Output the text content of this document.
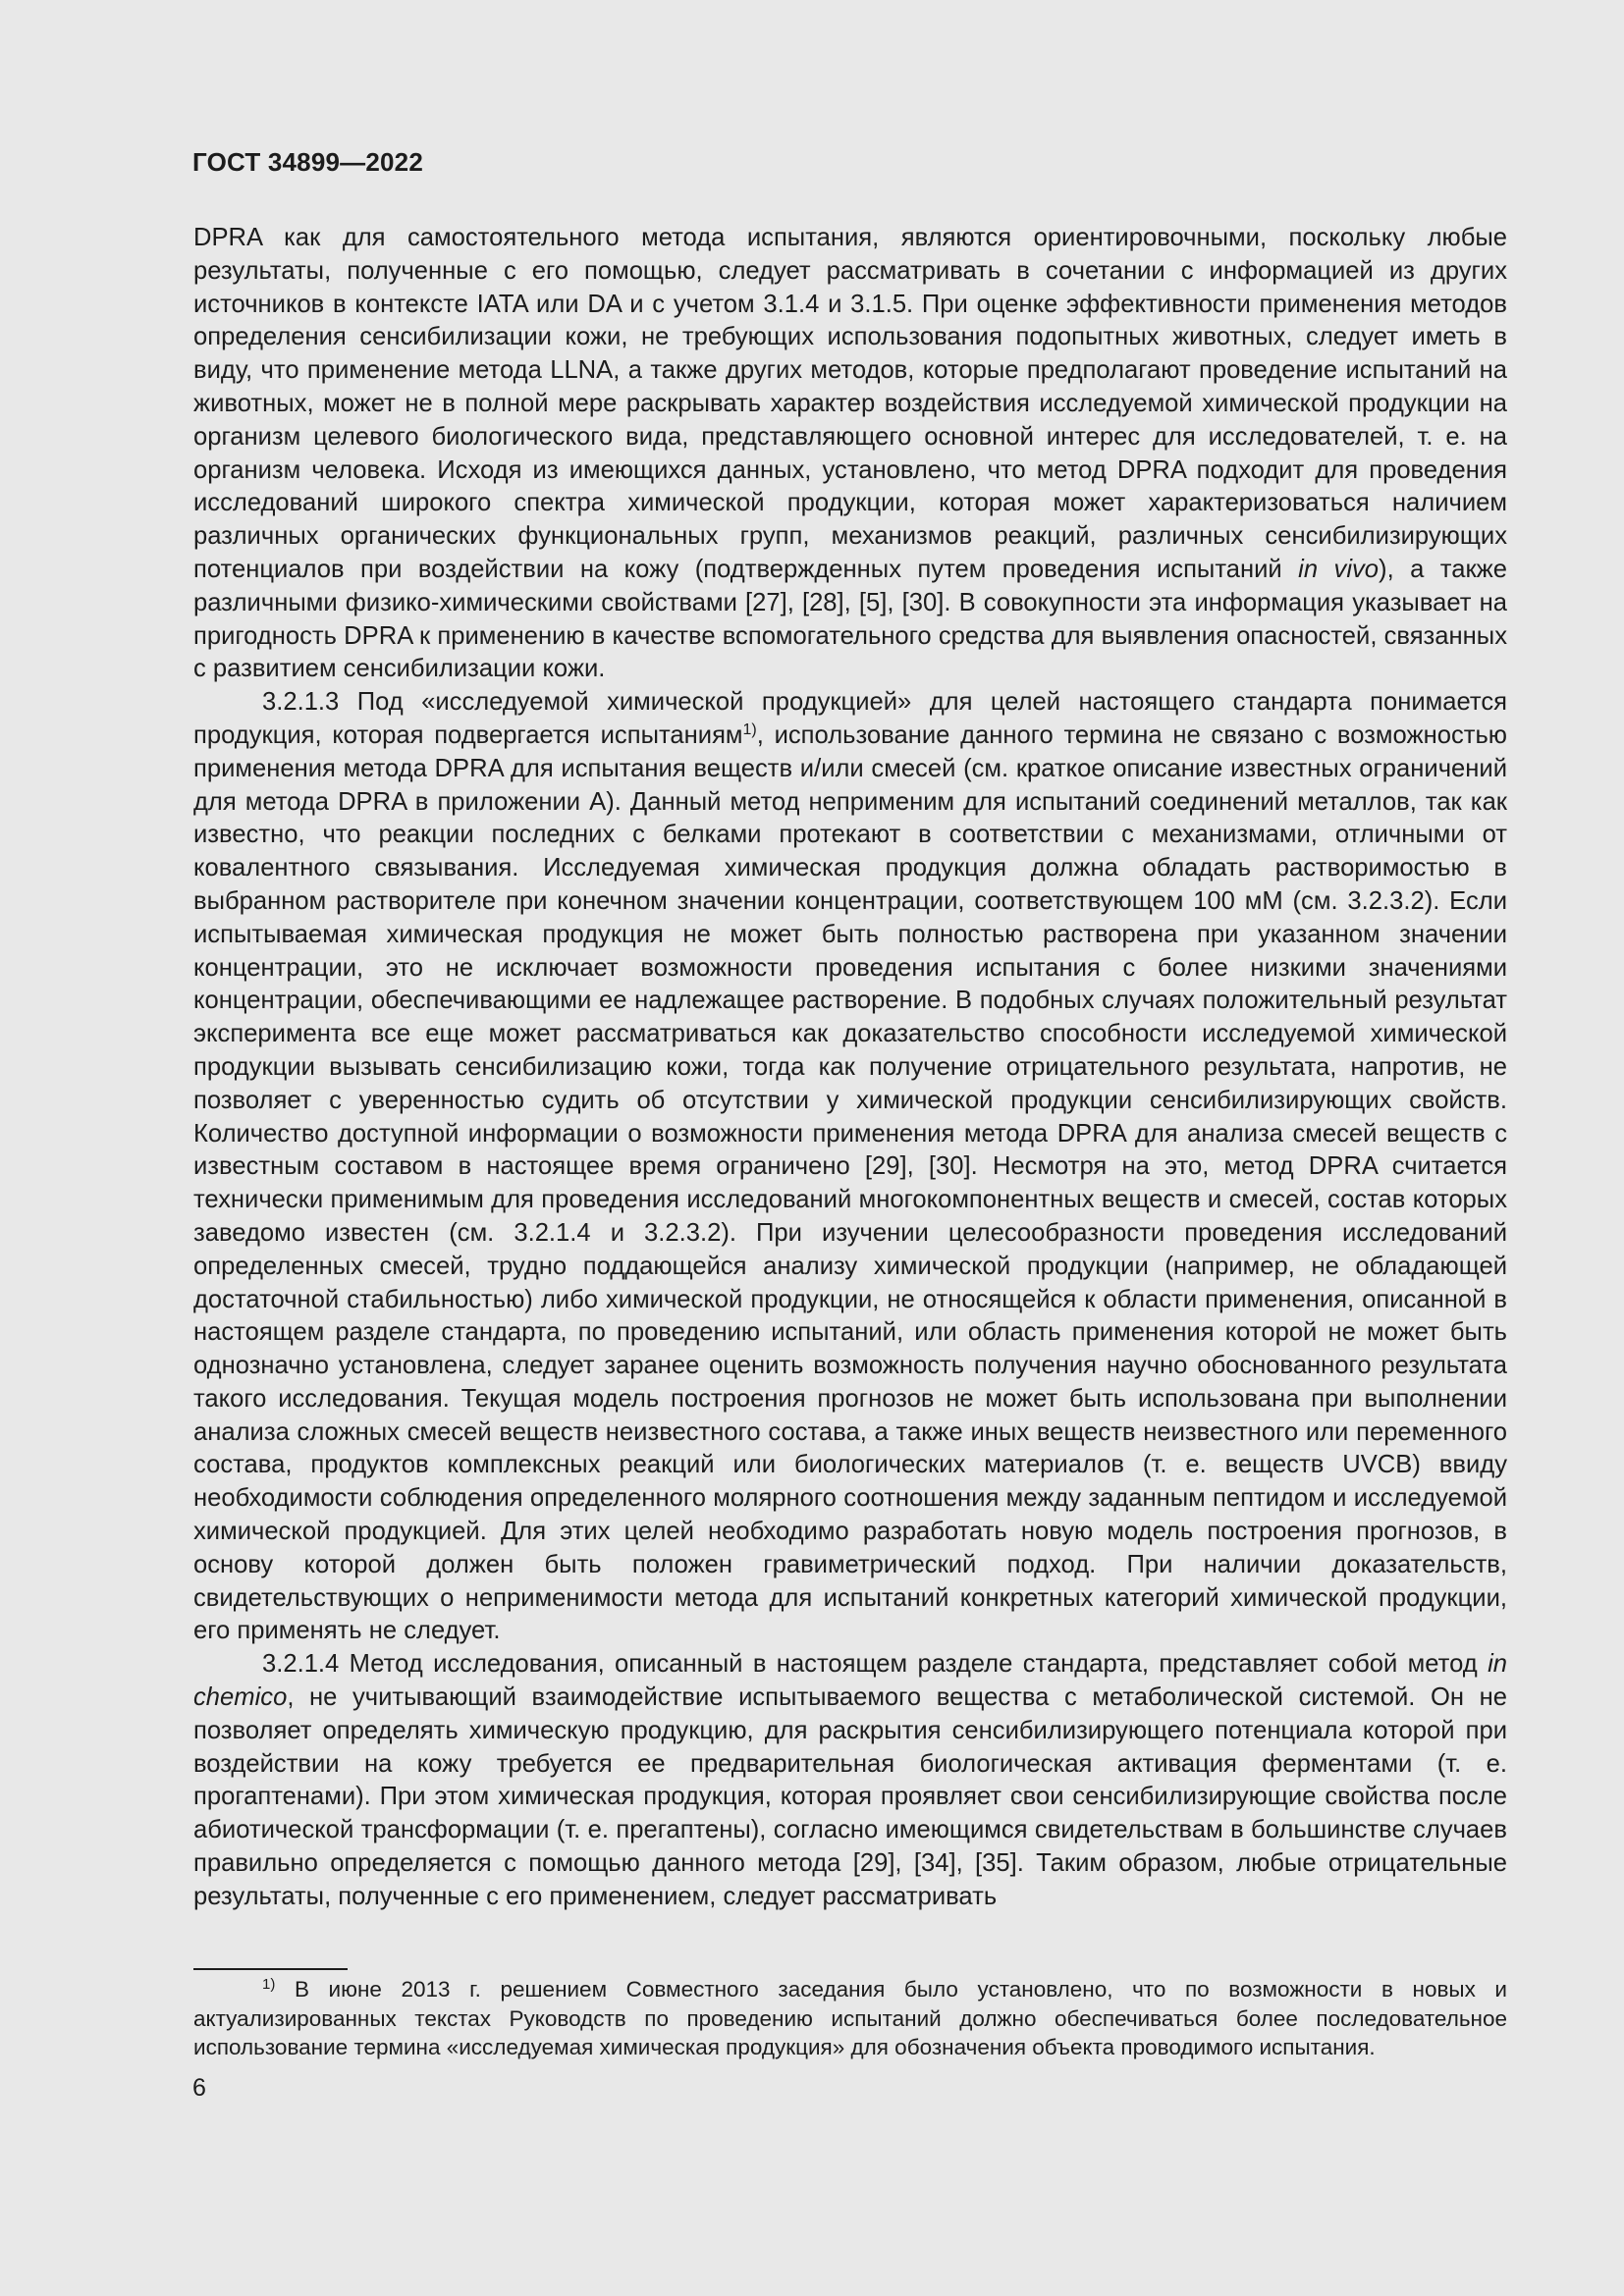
ГОСТ 34899—2022

DPRA как для самостоятельного метода испытания, являются ориентировочными, поскольку любые результаты, полученные с его помощью, следует рассматривать в сочетании с информацией из других источников в контексте IATA или DA и с учетом 3.1.4 и 3.1.5. При оценке эффективности применения методов определения сенсибилизации кожи, не требующих использования подопытных животных, следует иметь в виду, что применение метода LLNA, а также других методов, которые предполагают проведение испытаний на животных, может не в полной мере раскрывать характер воздействия исследуемой химической продукции на организм целевого биологического вида, представляющего основной интерес для исследователей, т. е. на организм человека. Исходя из имеющихся данных, установлено, что метод DPRA подходит для проведения исследований широкого спектра химической продукции, которая может характеризоваться наличием различных органических функциональных групп, механизмов реакций, различных сенсибилизирующих потенциалов при воздействии на кожу (подтвержденных путем проведения испытаний in vivo), а также различными физико-химическими свойствами [27], [28], [5], [30]. В совокупности эта информация указывает на пригодность DPRA к применению в качестве вспомогательного средства для выявления опасностей, связанных с развитием сенсибилизации кожи.

3.2.1.3 Под «исследуемой химической продукцией» для целей настоящего стандарта понимается продукция, которая подвергается испытаниям$^{1)}$, использование данного термина не связано с возможностью применения метода DPRA для испытания веществ и/или смесей (см. краткое описание известных ограничений для метода DPRA в приложении А). Данный метод неприменим для испытаний соединений металлов, так как известно, что реакции последних с белками протекают в соответствии с механизмами, отличными от ковалентного связывания. Исследуемая химическая продукция должна обладать растворимостью в выбранном растворителе при конечном значении концентрации, соответствующем 100 мМ (см. 3.2.3.2). Если испытываемая химическая продукция не может быть полностью растворена при указанном значении концентрации, это не исключает возможности проведения испытания с более низкими значениями концентрации, обеспечивающими ее надлежащее растворение. В подобных случаях положительный результат эксперимента все еще может рассматриваться как доказательство способности исследуемой химической продукции вызывать сенсибилизацию кожи, тогда как получение отрицательного результата, напротив, не позволяет с уверенностью судить об отсутствии у химической продукции сенсибилизирующих свойств. Количество доступной информации о возможности применения метода DPRA для анализа смесей веществ с известным составом в настоящее время ограничено [29], [30]. Несмотря на это, метод DPRA считается технически применимым для проведения исследований многокомпонентных веществ и смесей, состав которых заведомо известен (см. 3.2.1.4 и 3.2.3.2). При изучении целесообразности проведения исследований определенных смесей, трудно поддающейся анализу химической продукции (например, не обладающей достаточной стабильностью) либо химической продукции, не относящейся к области применения, описанной в настоящем разделе стандарта, по проведению испытаний, или область применения которой не может быть однозначно установлена, следует заранее оценить возможность получения научно обоснованного результата такого исследования. Текущая модель построения прогнозов не может быть использована при выполнении анализа сложных смесей веществ неизвестного состава, а также иных веществ неизвестного или переменного состава, продуктов комплексных реакций или биологических материалов (т. е. веществ UVCB) ввиду необходимости соблюдения определенного молярного соотношения между заданным пептидом и исследуемой химической продукцией. Для этих целей необходимо разработать новую модель построения прогнозов, в основу которой должен быть положен гравиметрический подход. При наличии доказательств, свидетельствующих о неприменимости метода для испытаний конкретных категорий химической продукции, его применять не следует.

3.2.1.4 Метод исследования, описанный в настоящем разделе стандарта, представляет собой метод in chemico, не учитывающий взаимодействие испытываемого вещества с метаболической системой. Он не позволяет определять химическую продукцию, для раскрытия сенсибилизирующего потенциала которой при воздействии на кожу требуется ее предварительная биологическая активация ферментами (т. е. прогаптенами). При этом химическая продукция, которая проявляет свои сенсибилизирующие свойства после абиотической трансформации (т. е. прегаптены), согласно имеющимся свидетельствам в большинстве случаев правильно определяется с помощью данного метода [29], [34], [35]. Таким образом, любые отрицательные результаты, полученные с его применением, следует рассматривать

$^{1)}$ В июне 2013 г. решением Совместного заседания было установлено, что по возможности в новых и актуализированных текстах Руководств по проведению испытаний должно обеспечиваться более последовательное использование термина «исследуемая химическая продукция» для обозначения объекта проводимого испытания.

6
